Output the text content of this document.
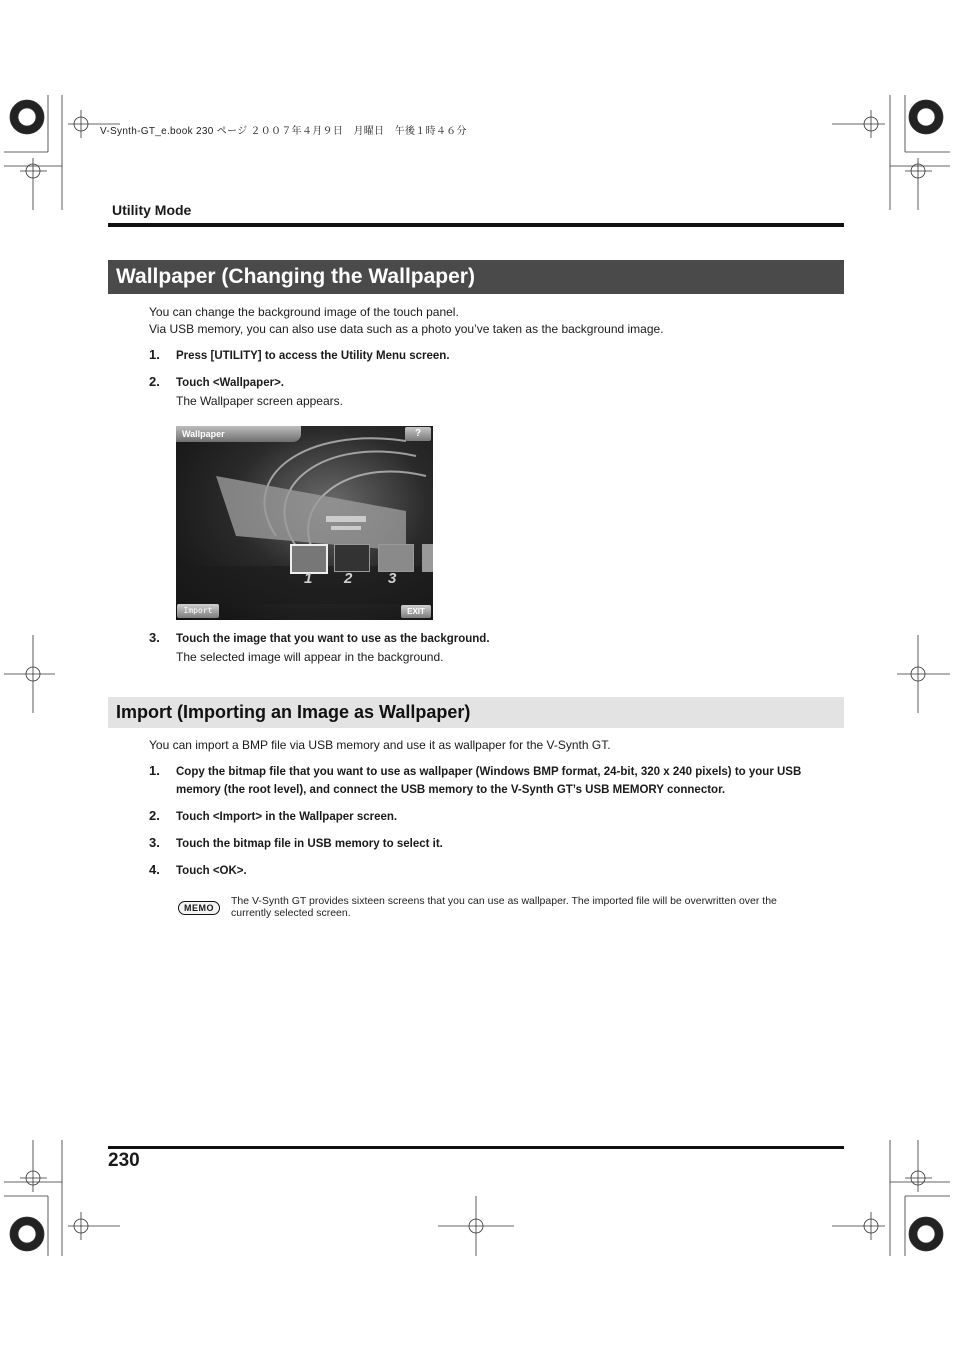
V-Synth-GT_e.book 230 ページ ２００７年４月９日　月曜日　午後１時４６分
Utility Mode
Wallpaper (Changing the Wallpaper)
You can change the background image of the touch panel.
Via USB memory, you can also use data such as a photo you’ve taken as the background image.
1. Press [UTILITY] to access the Utility Menu screen.
2. Touch <Wallpaper>.
The Wallpaper screen appears.
Wallpaper	?
1 2 3
Import	EXIT
3. Touch the image that you want to use as the background.
The selected image will appear in the background.
Import (Importing an Image as Wallpaper)
You can import a BMP file via USB memory and use it as wallpaper for the V-Synth GT.
1. Copy the bitmap file that you want to use as wallpaper (Windows BMP format, 24-bit, 320 x 240 pixels) to your USB memory (the root level), and connect the USB memory to the V-Synth GT’s USB MEMORY connector.
2. Touch <Import> in the Wallpaper screen.
3. Touch the bitmap file in USB memory to select it.
4. Touch <OK>.
MEMO
The V-Synth GT provides sixteen screens that you can use as wallpaper. The imported file will be overwritten over the currently selected screen.
230
